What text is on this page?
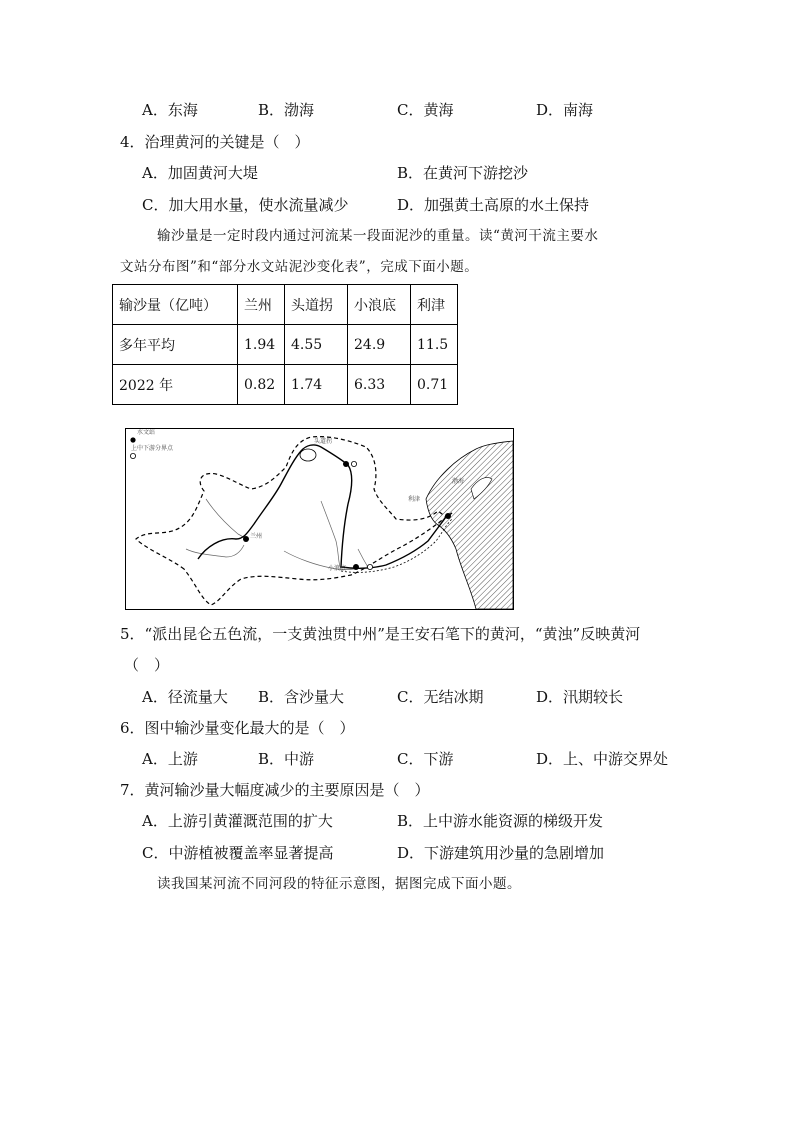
A．东海	B．渤海	C．黄海	D．南海
4．治理黄河的关键是（　）
A．加固黄河大堤	B．在黄河下游挖沙
C．加大用水量，使水流量减少	D．加强黄土高原的水土保持
输沙量是一定时段内通过河流某一段面泥沙的重量。读“黄河干流主要水
文站分布图”和“部分水文站泥沙变化表”，完成下面小题。
输沙量（亿吨）	兰州	头道拐	小浪底	利津
多年平均	1.94	4.55	24.9	11.5
2022 年	0.82	1.74	6.33	0.71
水文站
上中下游分界点
头道拐
渤海
利津
兰州
小浪底
5．“派出昆仑五色流，一支黄浊贯中州”是王安石笔下的黄河，“黄浊”反映黄河
（　）
A．径流量大 B．含沙量大	C．无结冰期	D．汛期较长
6．图中输沙量变化最大的是（　）
A．上游	B．中游	C．下游	D．上、中游交界处
7．黄河输沙量大幅度减少的主要原因是（　）
A．上游引黄灌溉范围的扩大	B．上中游水能资源的梯级开发
C．中游植被覆盖率显著提高	D．下游建筑用沙量的急剧增加
读我国某河流不同河段的特征示意图，据图完成下面小题。
